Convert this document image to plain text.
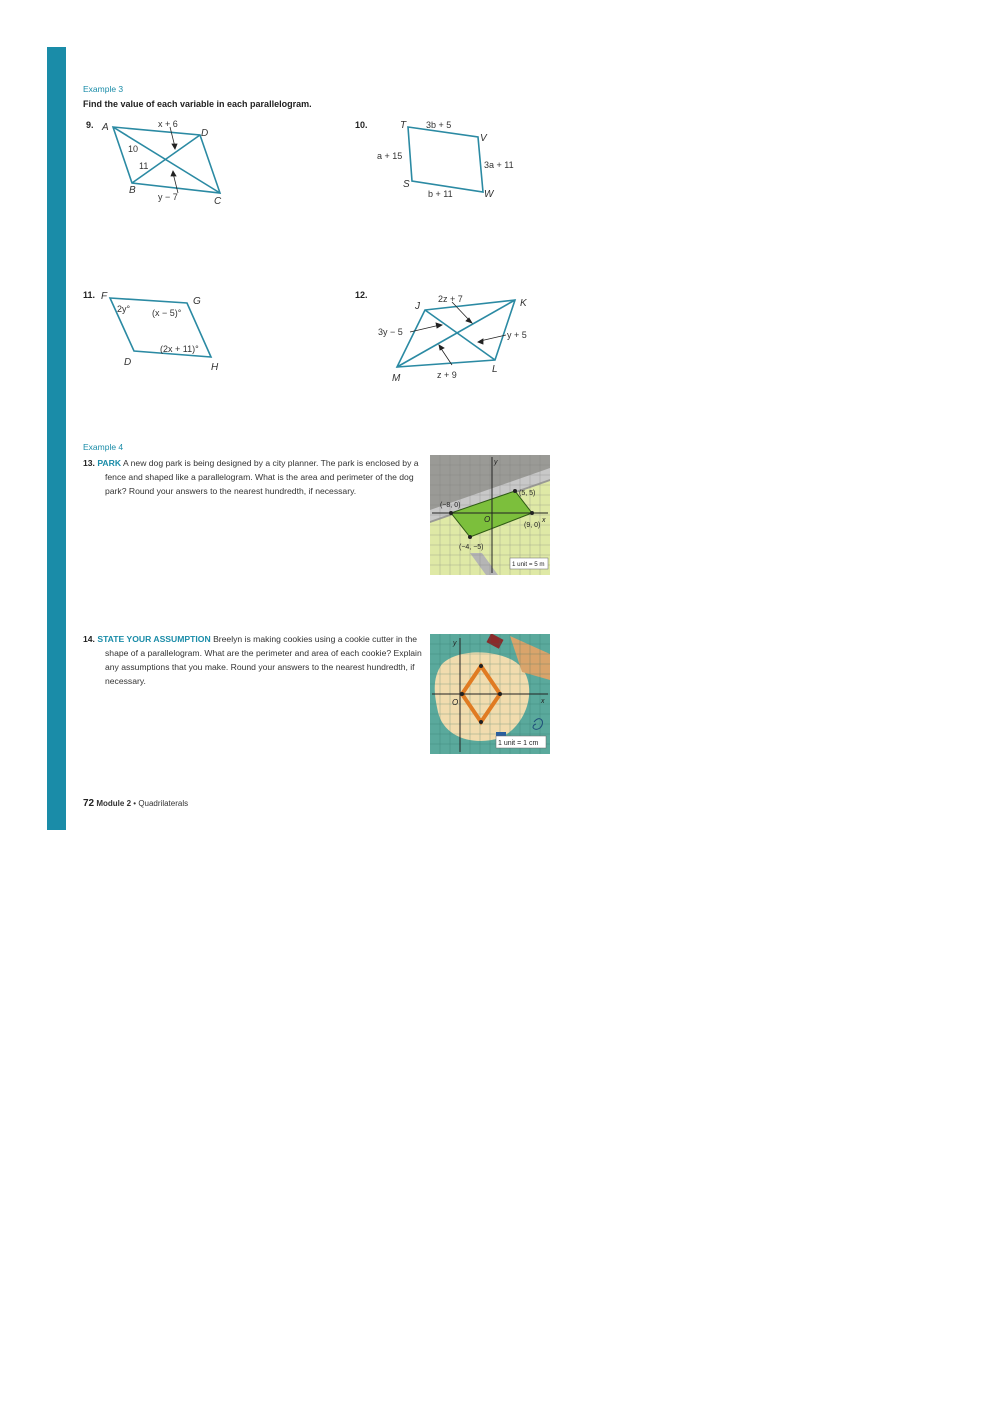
Example 3
Find the value of each variable in each parallelogram.
9. A
D
B
C
x + 6
y − 7
10
11
10.	T
V
S
W
3b + 5
a + 15
3a + 11
b + 11
11. F	G
D	H
2y° (x − 5)°
(2x + 11)°
12.
J	K
M
L
2z + 7
3y − 5	y + 5
z + 9
Example 4
13. PARK A new dog park is being designed by a city planner. The park is enclosed by a fence and shaped like a parallelogram. What is the area and perimeter of the dog park? Round your answers to the nearest hundredth, if necessary.	(5, 5)
(−8, 0)
(9, 0)
(−4, −5)
O	x
y
1 unit = 5 m
14. STATE YOUR ASSUMPTION Breelyn is making cookies using a cookie cutter in the shape of a parallelogram. What are the perimeter and area of each cookie? Explain any assumptions that you make. Round your answers to the nearest hundredth, if necessary.
O	x
y
1 unit = 1 cm
72 Module 2 • Quadrilaterals
